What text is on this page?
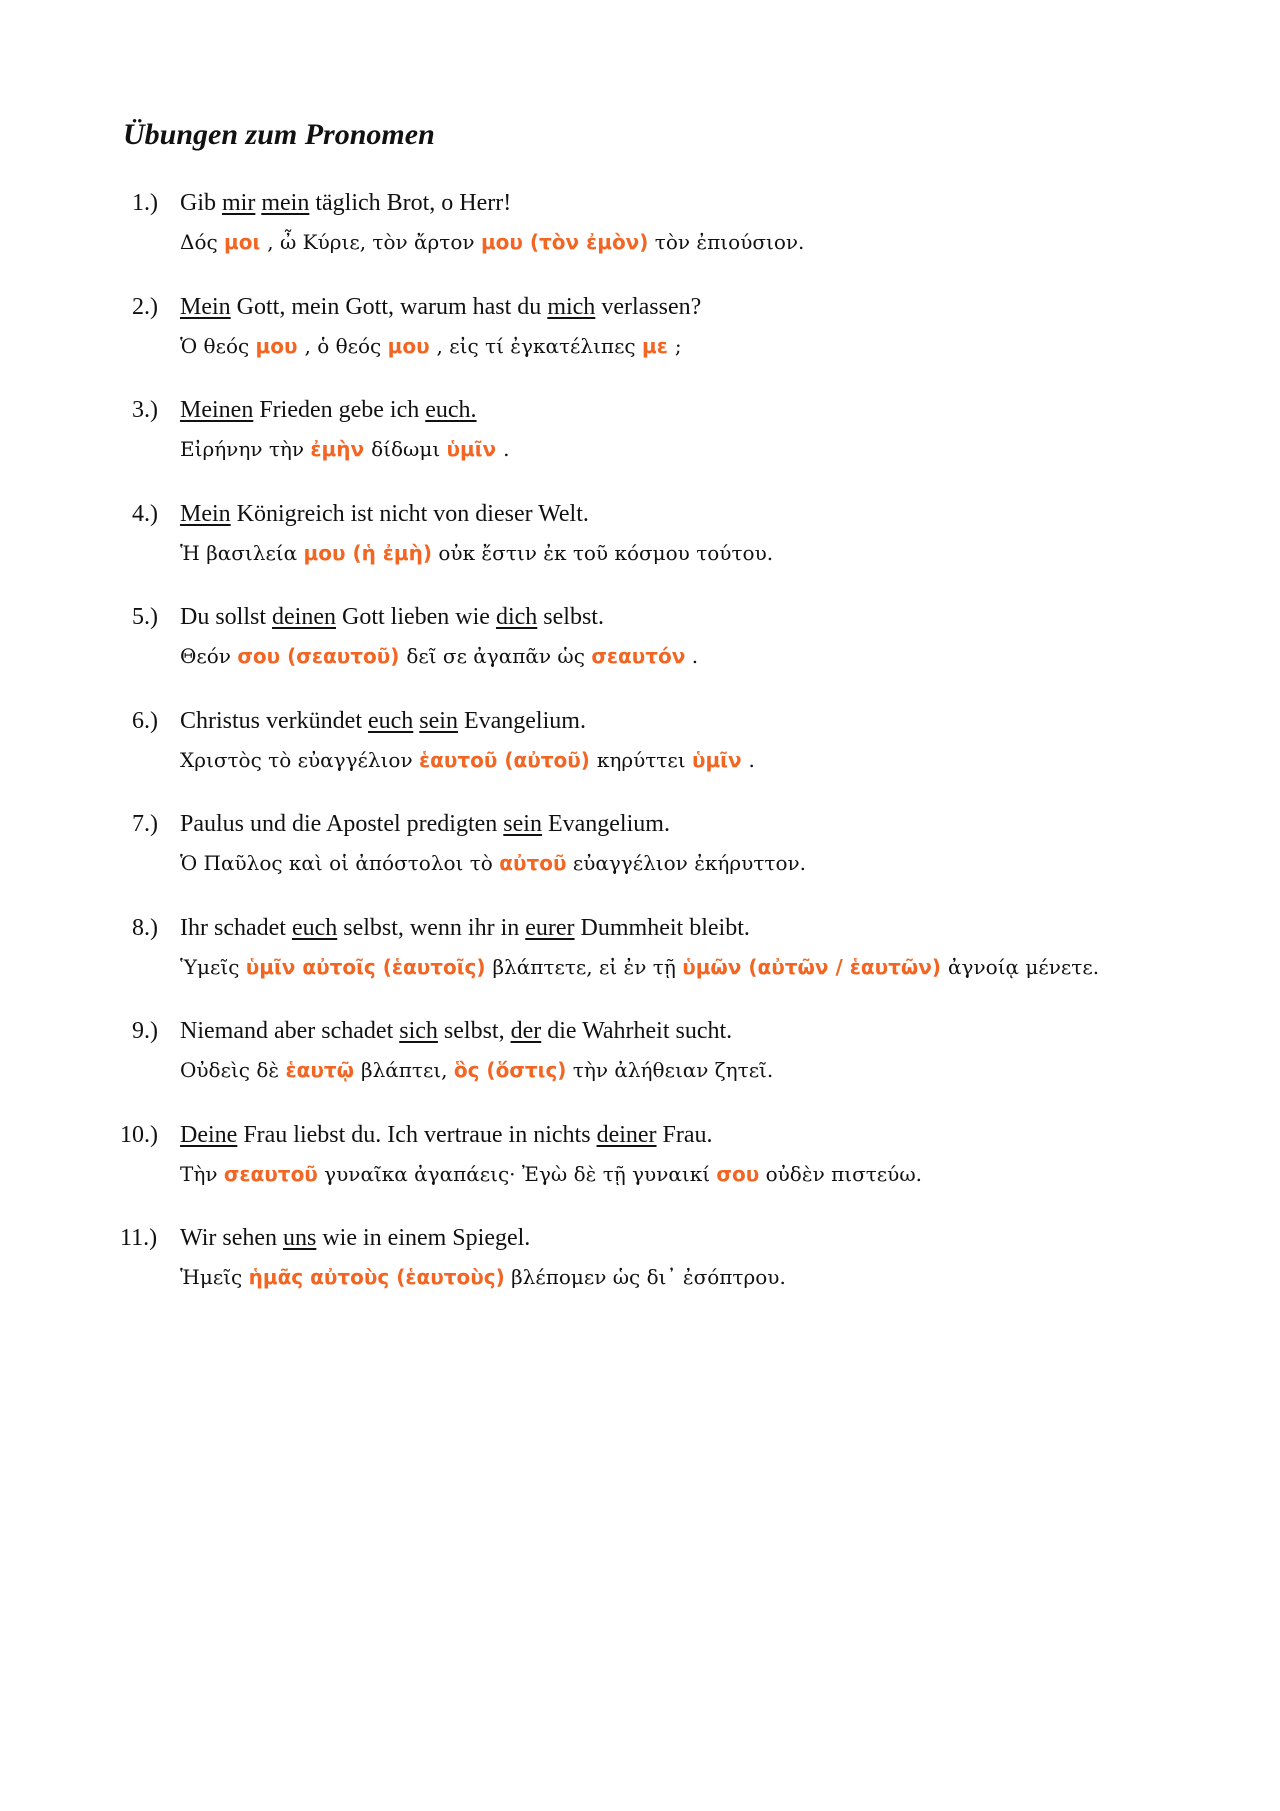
Übungen zum Pronomen
1.) Gib mir mein täglich Brot, o Herr!
Δός μοι , ὦ Κύριε, τὸν ἄρτον μου (τὸν ἐμὸν) τὸν ἐπιούσιον.
2.) Mein Gott, mein Gott, warum hast du mich verlassen?
Ὁ θεός μου , ὁ θεός μου , εἰς τί ἐγκατέλιπες με ;
3.) Meinen Frieden gebe ich euch.
Εἰρήνην τὴν ἐμὴν δίδωμι ὑμῖν .
4.) Mein Königreich ist nicht von dieser Welt.
Ἡ βασιλεία μου (ἡ ἐμὴ) οὐκ ἔστιν ἐκ τοῦ κόσμου τούτου.
5.) Du sollst deinen Gott lieben wie dich selbst.
Θεόν σου (σεαυτοῦ) δεῖ σε ἀγαπᾶν ὡς σεαυτόν .
6.) Christus verkündet euch sein Evangelium.
Χριστὸς τὸ εὐαγγέλιον ἑαυτοῦ (αὐτοῦ) κηρύττει ὑμῖν .
7.) Paulus und die Apostel predigten sein Evangelium.
Ὁ Παῦλος καὶ οἱ ἀπόστολοι τὸ αὐτοῦ εὐαγγέλιον ἐκήρυττον.
8.) Ihr schadet euch selbst, wenn ihr in eurer Dummheit bleibt.
Ὑμεῖς ὑμῖν αὐτοῖς (ἑαυτοῖς) βλάπτετε, εἰ ἐν τῇ ὑμῶν (αὐτῶν / ἑαυτῶν) ἀγνοίᾳ μένετε.
9.) Niemand aber schadet sich selbst, der die Wahrheit sucht.
Οὐδεὶς δὲ ἑαυτῷ βλάπτει, ὃς (ὅστις) τὴν ἀλήθειαν ζητεῖ.
10.) Deine Frau liebst du. Ich vertraue in nichts deiner Frau.
Τὴν σεαυτοῦ γυναῖκα ἀγαπάεις· Ἐγὼ δὲ τῇ γυναικί σου οὐδὲν πιστεύω.
11.) Wir sehen uns wie in einem Spiegel.
Ἡμεῖς ἡμᾶς αὐτοὺς (ἑαυτοὺς) βλέπομεν ὡς δι᾽ ἐσόπτρου.
